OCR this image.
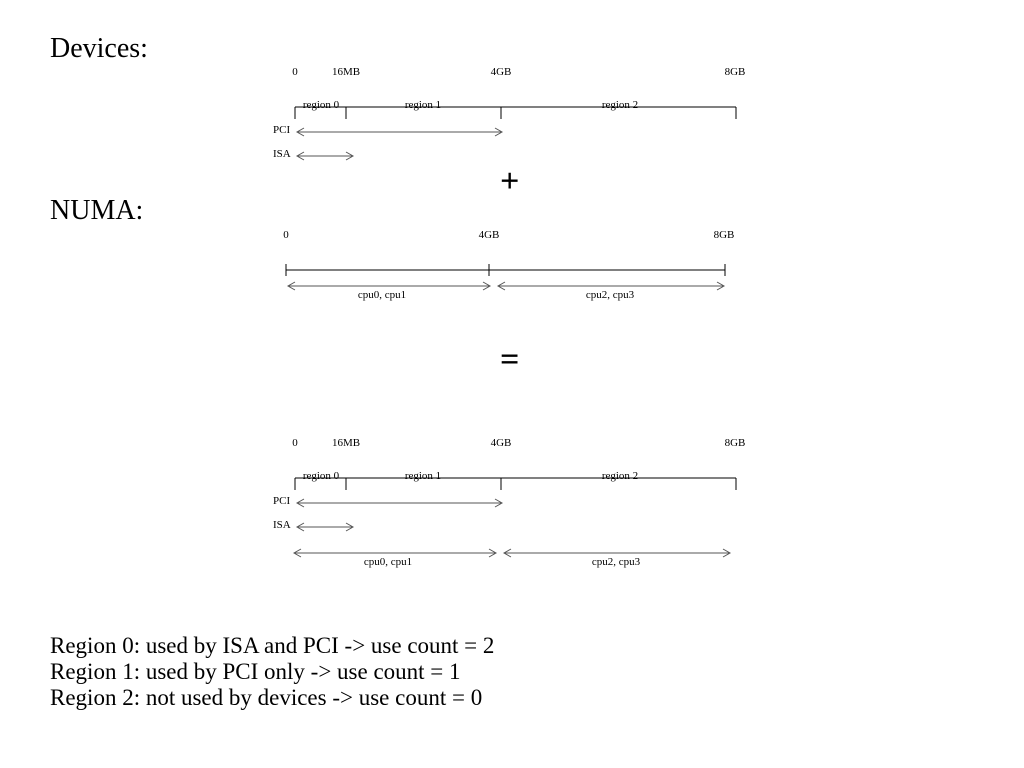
Devices:
0	16MB	4GB	8GB
region 0	region 1	region 2
PCI
ISA
+
NUMA:
0	4GB	8GB
cpu0, cpu1	cpu2, cpu3
=
0	16MB	4GB	8GB
region 0	region 1	region 2
PCI
ISA
cpu0, cpu1	cpu2, cpu3
Region 0: used by ISA and PCI -> use count = 2
Region 1: used by PCI only -> use count = 1
Region 2: not used by devices -> use count = 0
